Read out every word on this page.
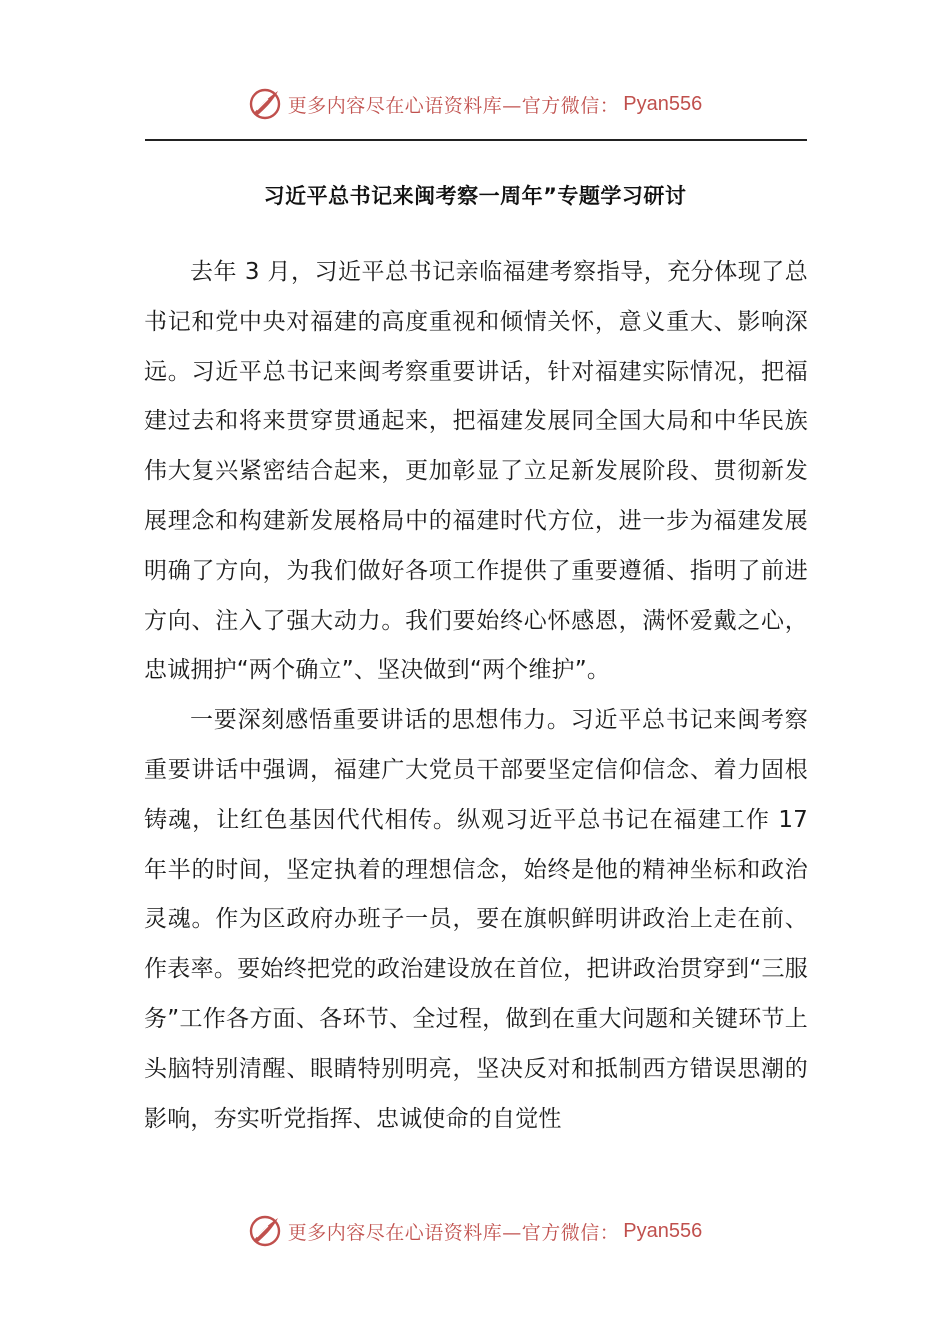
更多内容尽在心语资料库—官方微信： Pyan556
习近平总书记来闽考察一周年”专题学习研讨

去年 3 月，习近平总书记亲临福建考察指导，充分体现了总书记和党中央对福建的高度重视和倾情关怀，意义重大、影响深远。习近平总书记来闽考察重要讲话，针对福建实际情况，把福建过去和将来贯穿贯通起来，把福建发展同全国大局和中华民族伟大复兴紧密结合起来，更加彰显了立足新发展阶段、贯彻新发展理念和构建新发展格局中的福建时代方位，进一步为福建发展明确了方向，为我们做好各项工作提供了重要遵循、指明了前进方向、注入了强大动力。我们要始终心怀感恩，满怀爱戴之心，忠诚拥护“两个确立”、坚决做到“两个维护”。

一要深刻感悟重要讲话的思想伟力。习近平总书记来闽考察重要讲话中强调，福建广大党员干部要坚定信仰信念、着力固根铸魂，让红色基因代代相传。纵观习近平总书记在福建工作 17 年半的时间，坚定执着的理想信念，始终是他的精神坐标和政治灵魂。作为区政府办班子一员，要在旗帜鲜明讲政治上走在前、作表率。要始终把党的政治建设放在首位，把讲政治贯穿到“三服务”工作各方面、各环节、全过程，做到在重大问题和关键环节上头脑特别清醒、眼睛特别明亮，坚决反对和抵制西方错误思潮的影响，夯实听党指挥、忠诚使命的自觉性

更多内容尽在心语资料库—官方微信： Pyan556
